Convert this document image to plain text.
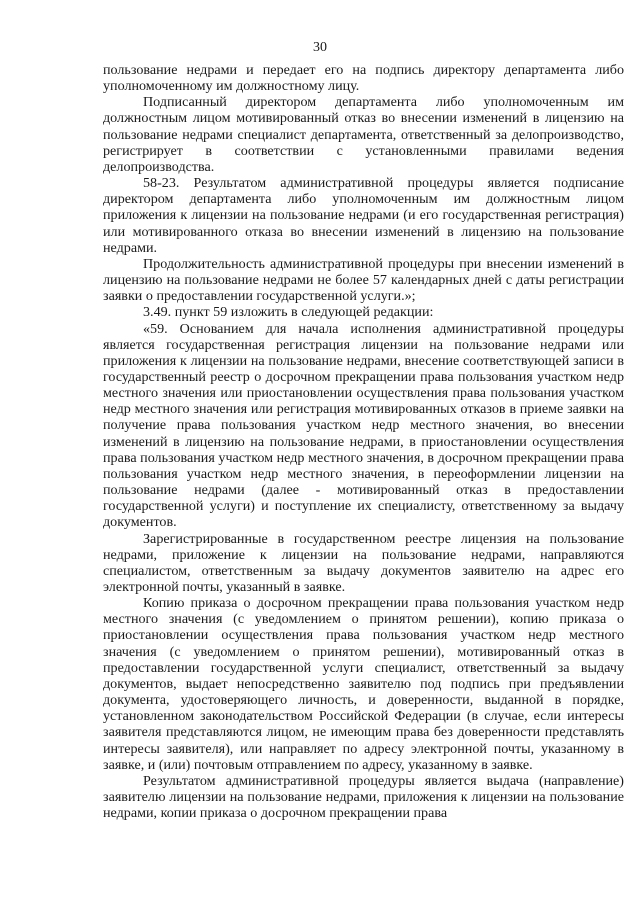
30

пользование недрами и передает его на подпись директору департамента либо уполномоченному им должностному лицу.

Подписанный директором департамента либо уполномоченным им должностным лицом мотивированный отказ во внесении изменений в лицензию на пользование недрами специалист департамента, ответственный за делопроизводство, регистрирует в соответствии с установленными правилами ведения делопроизводства.

58-23. Результатом административной процедуры является подписание директором департамента либо уполномоченным им должностным лицом приложения к лицензии на пользование недрами (и его государственная регистрация) или мотивированного отказа во внесении изменений в лицензию на пользование недрами.

Продолжительность административной процедуры при внесении изменений в лицензию на пользование недрами не более 57 календарных дней с даты регистрации заявки о предоставлении государственной услуги.»;

3.49. пункт 59 изложить в следующей редакции:

«59. Основанием для начала исполнения административной процедуры является государственная регистрация лицензии на пользование недрами или приложения к лицензии на пользование недрами, внесение соответствующей записи в государственный реестр о досрочном прекращении права пользования участком недр местного значения или приостановлении осуществления права пользования участком недр местного значения или регистрация мотивированных отказов в приеме заявки на получение права пользования участком недр местного значения, во внесении изменений в лицензию на пользование недрами, в приостановлении осуществления права пользования участком недр местного значения, в досрочном прекращении права пользования участком недр местного значения, в переоформлении лицензии на пользование недрами (далее - мотивированный отказ в предоставлении государственной услуги) и поступление их специалисту, ответственному за выдачу документов.

Зарегистрированные в государственном реестре лицензия на пользование недрами, приложение к лицензии на пользование недрами, направляются специалистом, ответственным за выдачу документов заявителю на адрес его электронной почты, указанный в заявке.

Копию приказа о досрочном прекращении права пользования участком недр местного значения (с уведомлением о принятом решении), копию приказа о приостановлении осуществления права пользования участком недр местного значения (с уведомлением о принятом решении), мотивированный отказ в предоставлении государственной услуги специалист, ответственный за выдачу документов, выдает непосредственно заявителю под подпись при предъявлении документа, удостоверяющего личность, и доверенности, выданной в порядке, установленном законодательством Российской Федерации (в случае, если интересы заявителя представляются лицом, не имеющим права без доверенности представлять интересы заявителя), или направляет по адресу электронной почты, указанному в заявке, и (или) почтовым отправлением по адресу, указанному в заявке.

Результатом административной процедуры является выдача (направление) заявителю лицензии на пользование недрами, приложения к лицензии на пользование недрами, копии приказа о досрочном прекращении права
